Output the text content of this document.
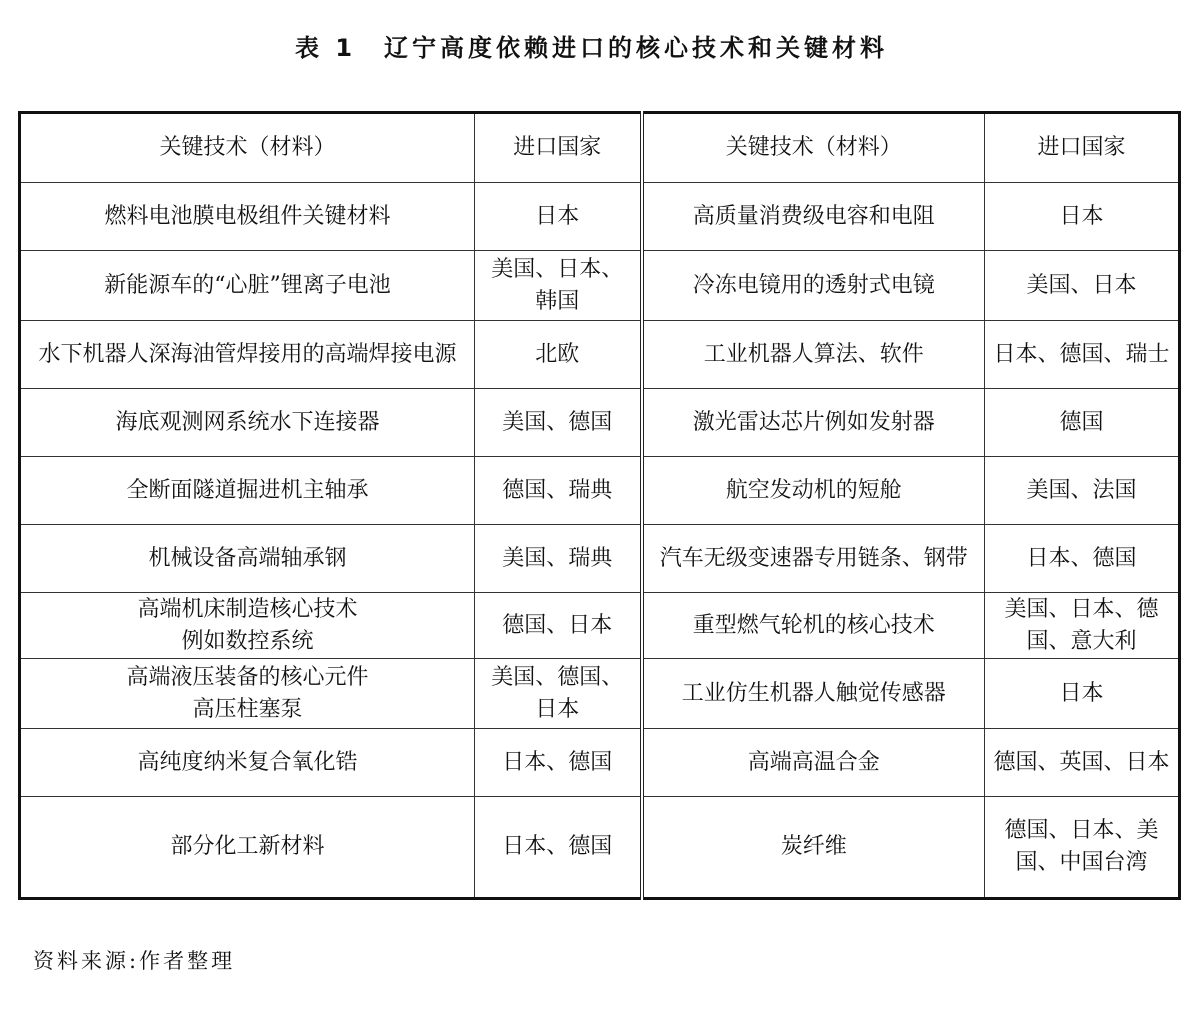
表 1　辽宁高度依赖进口的核心技术和关键材料
关键技术（材料）	进口国家	关键技术（材料）	进口国家
燃料电池膜电极组件关键材料	日本	高质量消费级电容和电阻	日本
新能源车的“心脏”锂离子电池	美国、日本、韩国	冷冻电镜用的透射式电镜	美国、日本
水下机器人深海油管焊接用的高端焊接电源	北欧	工业机器人算法、软件	日本、德国、瑞士
海底观测网系统水下连接器	美国、德国	激光雷达芯片例如发射器	德国
全断面隧道掘进机主轴承	德国、瑞典	航空发动机的短舱	美国、法国
机械设备高端轴承钢	美国、瑞典	汽车无级变速器专用链条、钢带	日本、德国
高端机床制造核心技术
例如数控系统	德国、日本	重型燃气轮机的核心技术	美国、日本、德国、意大利
高端液压装备的核心元件
高压柱塞泵	美国、德国、日本	工业仿生机器人触觉传感器	日本
高纯度纳米复合氧化锆	日本、德国	高端高温合金	德国、英国、日本
部分化工新材料	日本、德国	炭纤维	德国、日本、美国、中国台湾
资料来源:作者整理
